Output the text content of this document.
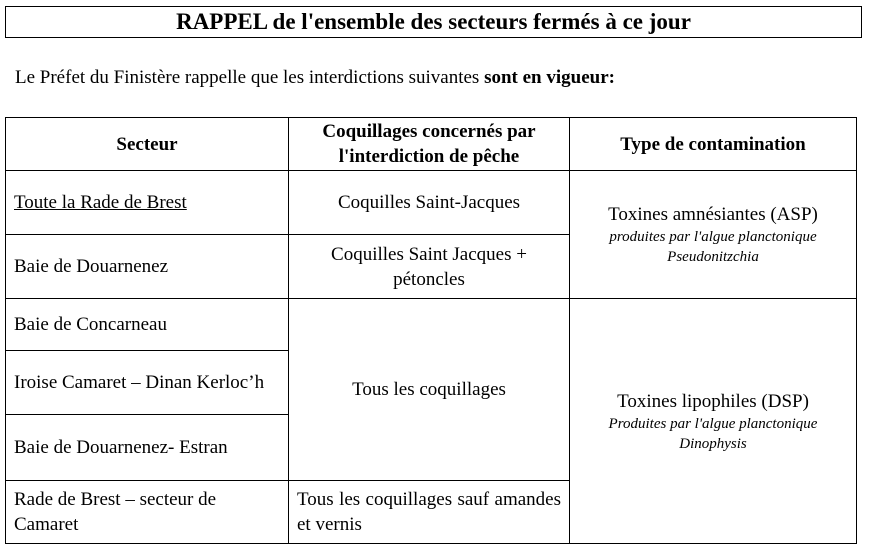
RAPPEL de l'ensemble des secteurs fermés à ce jour
Le Préfet du Finistère rappelle que les interdictions suivantes sont en vigueur:
Secteur	Coquillages concernés par l'interdiction de pêche	Type de contamination
Toute la Rade de Brest	Coquilles Saint-Jacques	Toxines amnésiantes (ASP)
produites par l'algue planctonique
Pseudonitzchia

Baie de Douarnenez	Coquilles Saint Jacques + pétoncles	
Baie de Concarneau	Tous les coquillages	Toxines lipophiles (DSP)
Produites par l'algue planctonique
Dinophysis

Iroise Camaret – Dinan Kerloc’h		
Baie de Douarnenez- Estran		
Rade de Brest – secteur de Camaret	Tous les coquillages sauf amandes et vernis	
